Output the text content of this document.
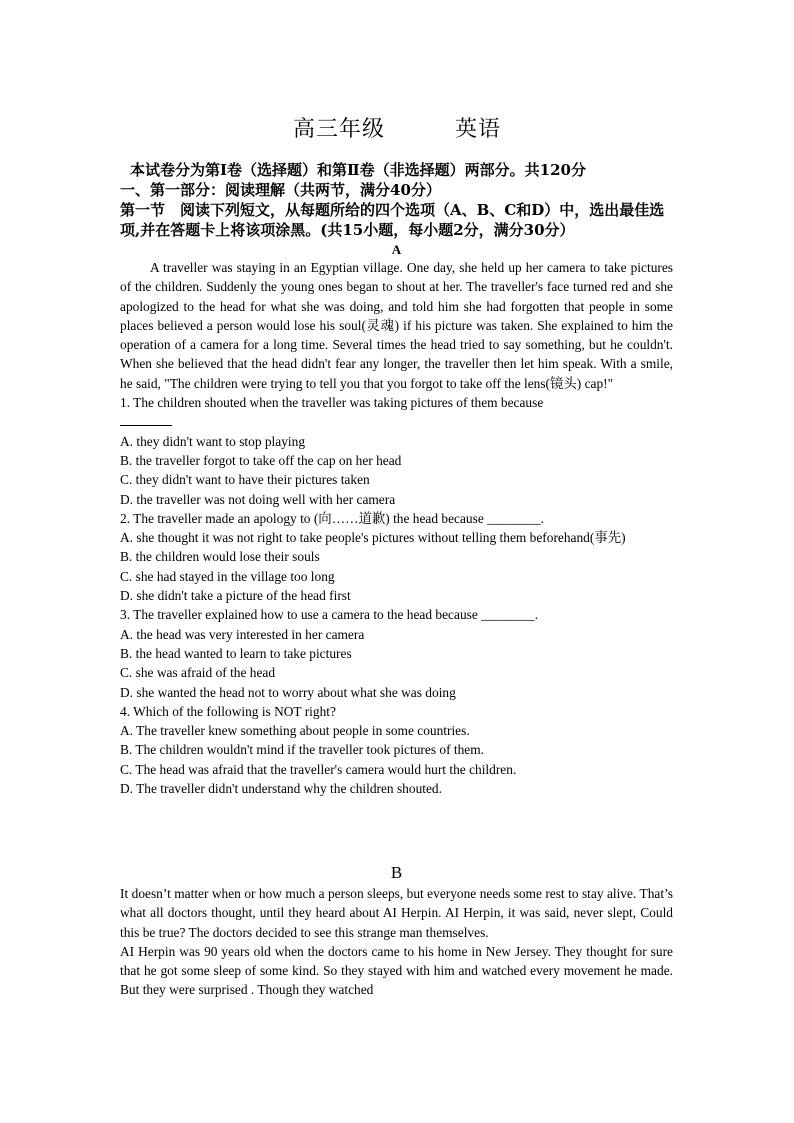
高三年级	英语

本试卷分为第Ⅰ卷（选择题）和第Ⅱ卷（非选择题）两部分。共120分

一、第一部分：阅读理解（共两节，满分40分）

第一节　阅读下列短文，从每题所给的四个选项（A、B、C和D）中，选出最佳选项,并在答题卡上将该项涂黑。(共15小题，每小题2分，满分30分）

A

A traveller was staying in an Egyptian village. One day, she held up her camera to take pictures of the children. Suddenly the young ones began to shout at her. The traveller's face turned red and she apologized to the head for what she was doing, and told him she had forgotten that people in some places believed a person would lose his soul(灵魂) if his picture was taken. She explained to him the operation of a camera for a long time. Several times the head tried to say something, but he couldn't. When she believed that the head didn't fear any longer, the traveller then let him speak. With a smile, he said, "The children were trying to tell you that you forgot to take off the lens(镜头) cap!"

1. The children shouted when the traveller was taking pictures of them because

A. they didn't want to stop playing

B. the traveller forgot to take off the cap on her head

C. they didn't want to have their pictures taken

D. the traveller was not doing well with her camera

2. The traveller made an apology to (向……道歉) the head because ________.

A. she thought it was not right to take people's pictures without telling them beforehand(事先)

B. the children would lose their souls

C. she had stayed in the village too long

D. she didn't take a picture of the head first

3. The traveller explained how to use a camera to the head because ________.

A. the head was very interested in her camera

B. the head wanted to learn to take pictures

C. she was afraid of the head

D. she wanted the head not to worry about what she was doing

4. Which of the following is NOT right?

A. The traveller knew something about people in some countries.

B. The children wouldn't mind if the traveller took pictures of them.

C. The head was afraid that the traveller's camera would hurt the children.

D. The traveller didn't understand why the children shouted.

B

It doesn’t matter when or how much a person sleeps, but everyone needs some rest to stay alive. That’s what all doctors thought, until they heard about AI Herpin. AI Herpin, it was said, never slept, Could this be true? The doctors decided to see this strange man themselves.

AI Herpin was 90 years old when the doctors came to his home in New Jersey. They thought for sure that he got some sleep of some kind. So they stayed with him and watched every movement he made. But they were surprised . Though they watched
